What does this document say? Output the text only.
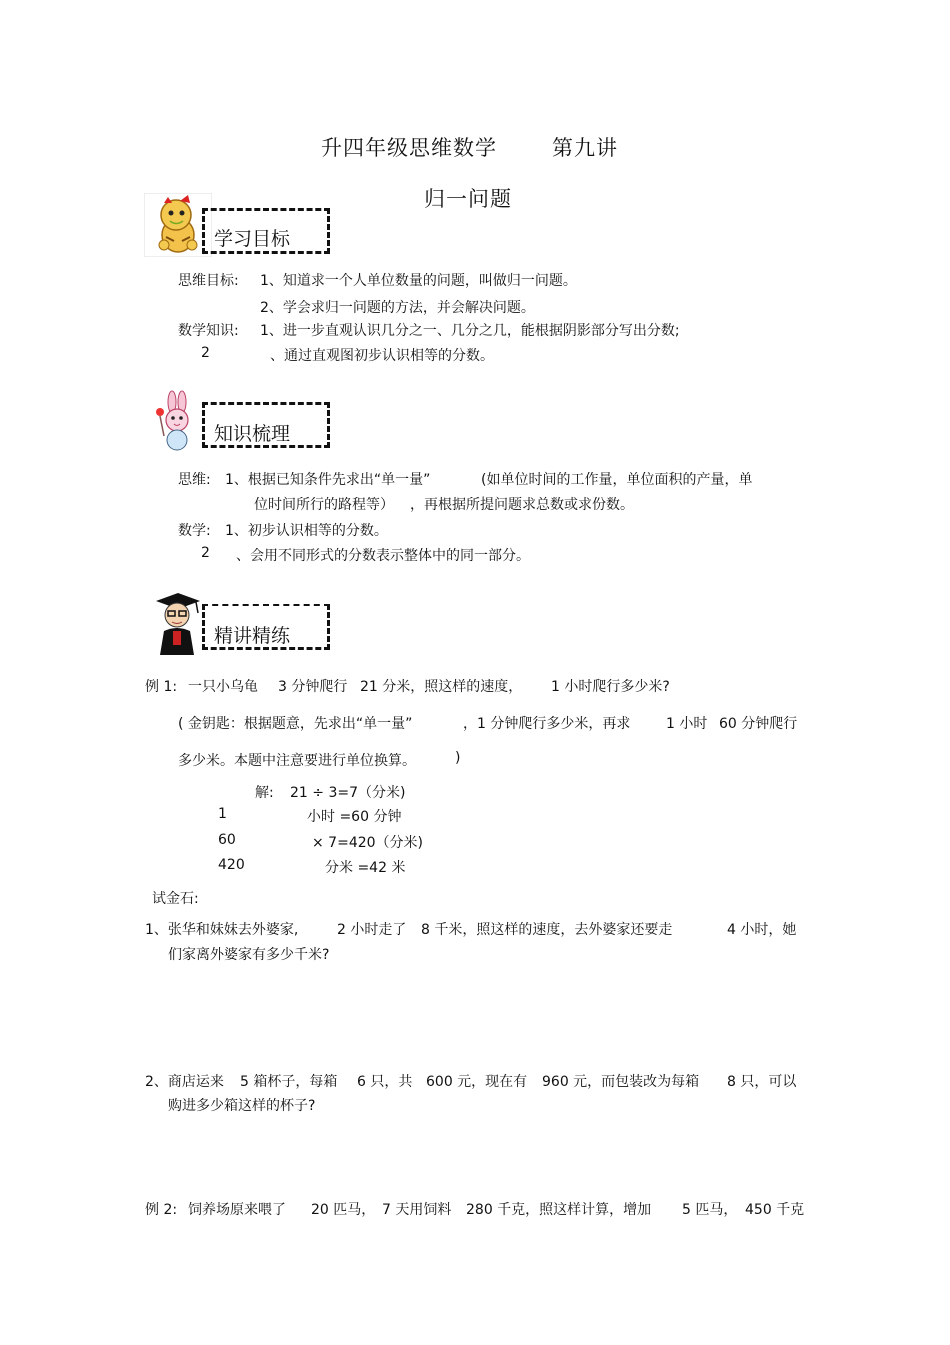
升四年级思维数学	第九讲
归一问题
学习目标
思维目标: 1、知道求一个人单位数量的问题，叫做归一问题。
2、学会求归一问题的方法，并会解决问题。
数学知识: 1、进一步直观认识几分之一、几分之几，能根据阴影部分写出分数;
2	、通过直观图初步认识相等的分数。
知识梳理
思维: 1、根据已知条件先求出“单一量”	(如单位时间的工作量，单位面积的产量，单
位时间所行的路程等） ，再根据所提问题求总数或求份数。
数学: 1、初步认识相等的分数。
2 、会用不同形式的分数表示整体中的同一部分。
精讲精练
例 1: 一只小乌龟 3 分钟爬行 21 分米，照这样的速度， 1 小时爬行多少米?
( 金钥匙：根据题意，先求出“单一量”	，1 分钟爬行多少米，再求	1 小时 60 分钟爬行
多少米。本题中注意要进行单位换算。	)
解: 21 ÷ 3=7（分米)
1	小时 =60 分钟
60	× 7=420（分米)
420	分米 =42 米
试金石:
1、张华和妹妹去外婆家,	2 小时走了 8 千米，照这样的速度，去外婆家还要走	4 小时，她
们家离外婆家有多少千米?
2、商店运来 5 箱杯子，每箱 6 只，共 600 元，现在有 960 元，而包装改为每箱 8 只，可以
购进多少箱这样的杯子?
例 2: 饲养场原来喂了 20 匹马， 7 天用饲料 280 千克，照这样计算，增加 5 匹马， 450 千克
